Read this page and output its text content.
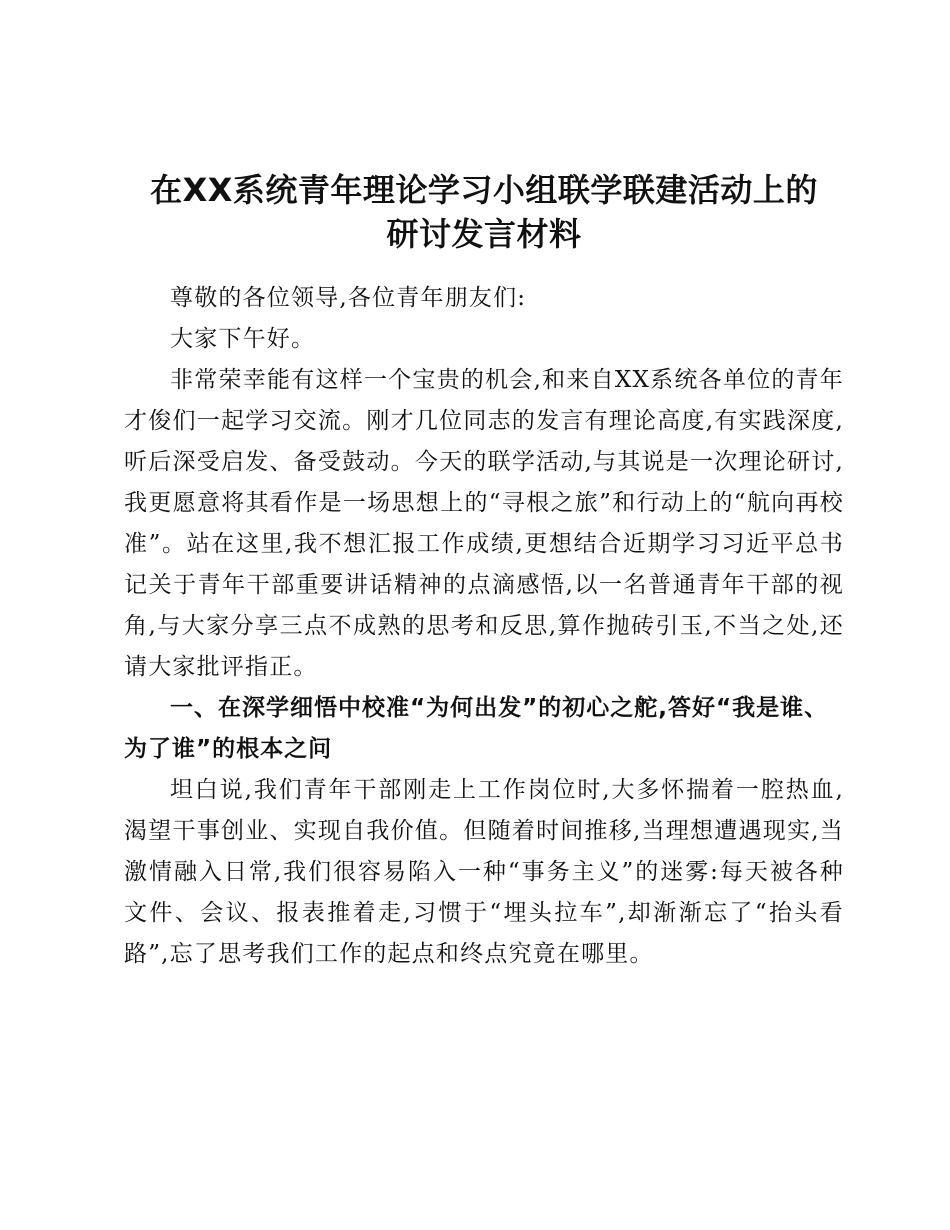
在XX系统青年理论学习小组联学联建活动上的
研讨发言材料

尊敬的各位领导,各位青年朋友们:

大家下午好。

非常荣幸能有这样一个宝贵的机会,和来自XX系统各单位的青年才俊们一起学习交流。刚才几位同志的发言有理论高度,有实践深度,听后深受启发、备受鼓动。今天的联学活动,与其说是一次理论研讨,我更愿意将其看作是一场思想上的“寻根之旅”和行动上的“航向再校准”。站在这里,我不想汇报工作成绩,更想结合近期学习习近平总书记关于青年干部重要讲话精神的点滴感悟,以一名普通青年干部的视角,与大家分享三点不成熟的思考和反思,算作抛砖引玉,不当之处,还请大家批评指正。

一、在深学细悟中校准“为何出发”的初心之舵,答好“我是谁、为了谁”的根本之问

坦白说,我们青年干部刚走上工作岗位时,大多怀揣着一腔热血,渴望干事创业、实现自我价值。但随着时间推移,当理想遭遇现实,当激情融入日常,我们很容易陷入一种“事务主义”的迷雾:每天被各种文件、会议、报表推着走,习惯于“埋头拉车”,却渐渐忘了“抬头看路”,忘了思考我们工作的起点和终点究竟在哪里。
